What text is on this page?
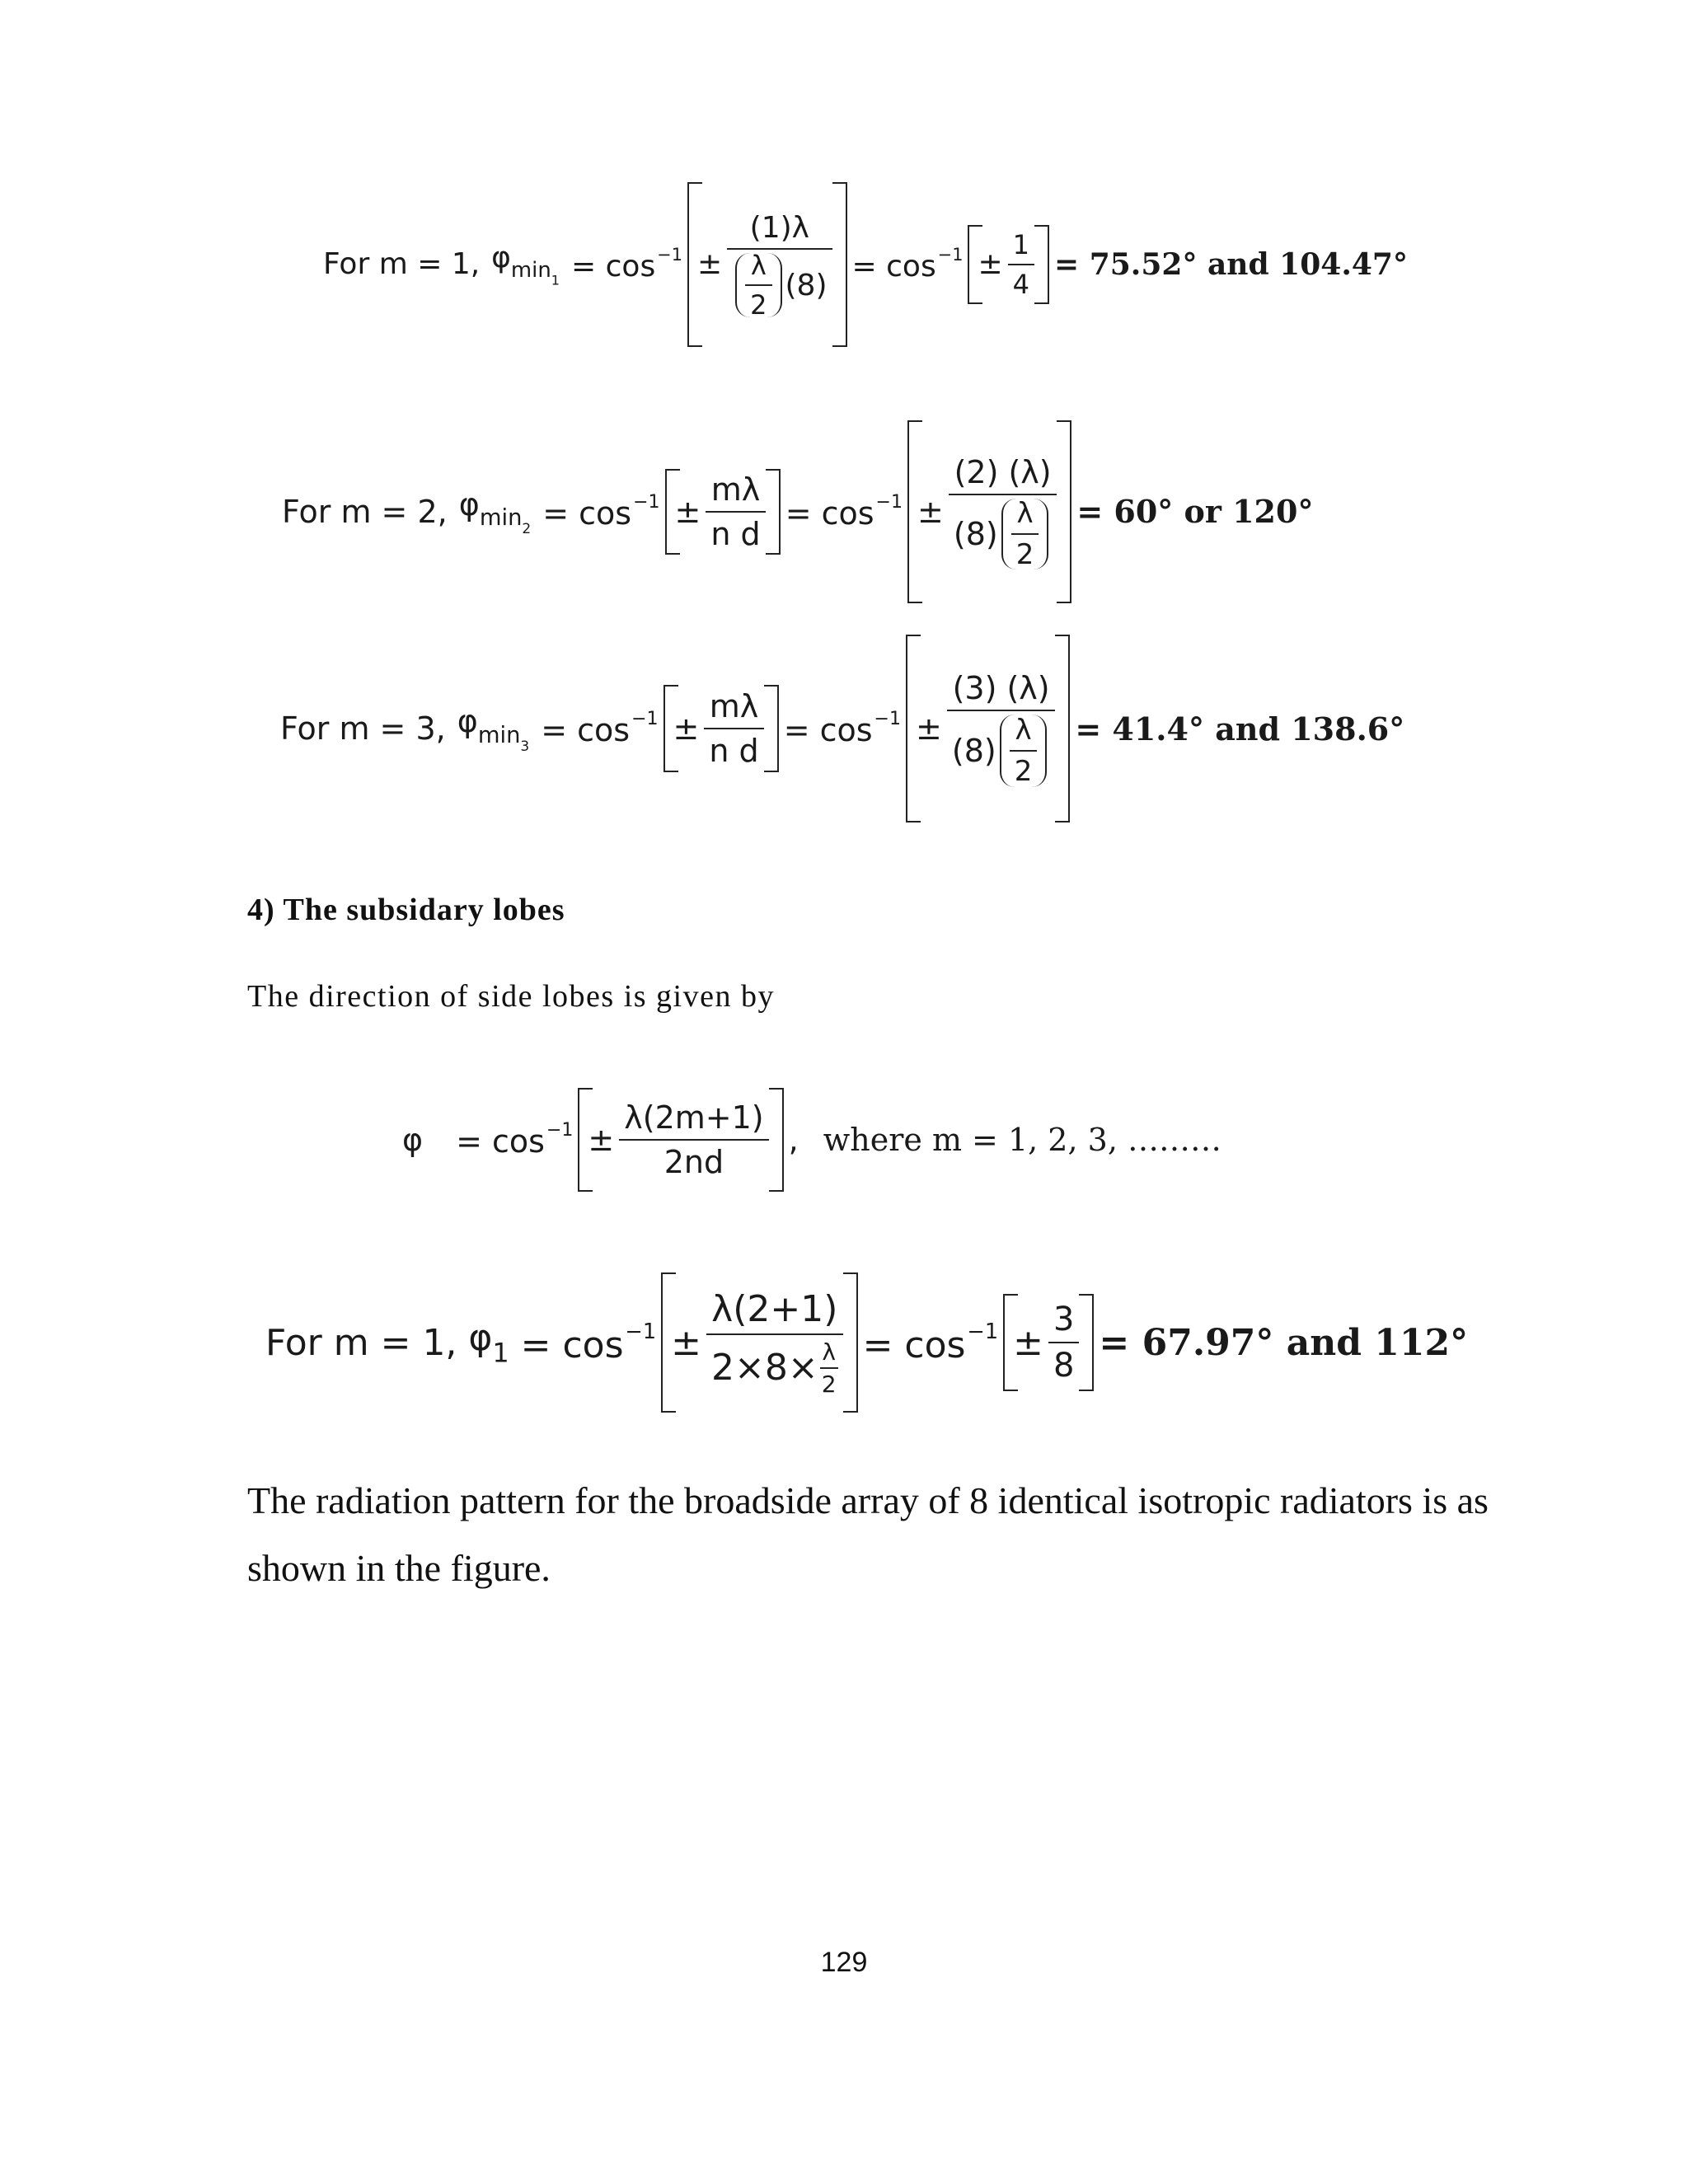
For m = 1, $\varphi_{min_1} = \cos^{-1} \pm \frac{(1)\lambda}{\frac{\lambda}{2} (8)} = \cos^{-1} \pm \frac{1}{4} = 75.52^\circ$ and 104.47°
For m = 2, $\varphi_{min_2} = \cos^{-1} \pm \frac{m\lambda}{\text{n d}} = \cos^{-1}$ ±
(2) (λ)
$(8) \frac{\lambda}{2} = 60^\circ$ or 120°
For m = 3, $\varphi_{min_3} = \cos^{-1} \pm \frac{m\lambda}{\text{n d}} = \cos^{-1}$ ±
(3) (λ)
$(8) \frac{\lambda}{2} = 41.4^\circ$ and 138.6°
4) The subsidary lobes
The direction of side lobes is given by
$\varphi = \cos^{-1} \pm \frac{\lambda(2m+1)}{2nd}$ , where m = 1, 2, 3, ………
For m = 1, $\varphi_1 = \cos^{-1} \pm \frac{\lambda(2+1)}{2\times 8\times \frac{\lambda}{2}} = \cos^{-1} \pm \frac{3}{8} = 67.97^\circ$ and 112°
The radiation pattern for the broadside array of 8 identical isotropic radiators is as shown in the figure.
129
